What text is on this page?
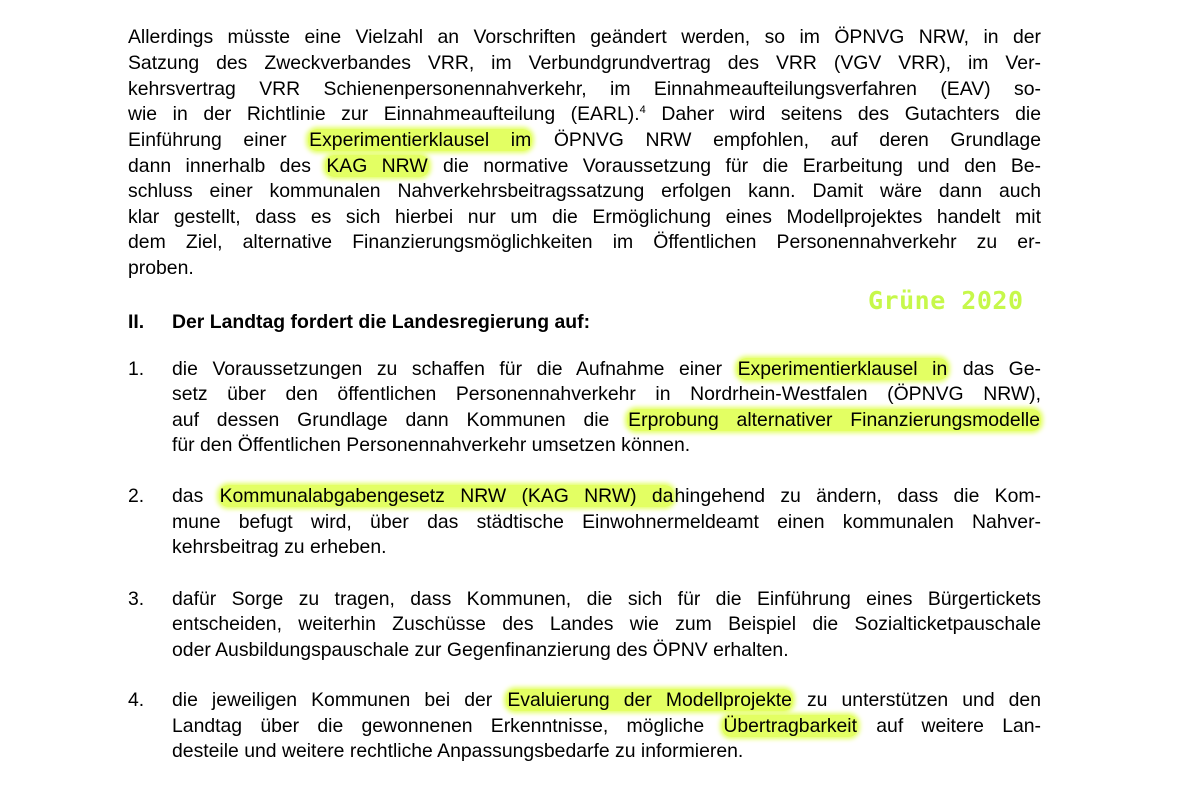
Allerdings müsste eine Vielzahl an Vorschriften geändert werden, so im ÖPNVG NRW, in der
Satzung des Zweckverbandes VRR, im Verbundgrundvertrag des VRR (VGV VRR), im Ver-
kehrsvertrag VRR Schienenpersonennahverkehr, im Einnahmeaufteilungsverfahren (EAV) so-
wie in der Richtlinie zur Einnahmeaufteilung (EARL).$^4$ Daher wird seitens des Gutachters die
Einführung einer Experimentierklausel im ÖPNVG NRW empfohlen, auf deren Grundlage
dann innerhalb des KAG NRW die normative Voraussetzung für die Erarbeitung und den Be-
schluss einer kommunalen Nahverkehrsbeitragssatzung erfolgen kann. Damit wäre dann auch
klar gestellt, dass es sich hierbei nur um die Ermöglichung eines Modellprojektes handelt mit
dem Ziel, alternative Finanzierungsmöglichkeiten im Öffentlichen Personennahverkehr zu er-
proben.
Grüne 2020
II. Der Landtag fordert die Landesregierung auf:
1. die Voraussetzungen zu schaffen für die Aufnahme einer Experimentierklausel in das Ge-
setz über den öffentlichen Personennahverkehr in Nordrhein-Westfalen (ÖPNVG NRW),
auf dessen Grundlage dann Kommunen die Erprobung alternativer Finanzierungsmodelle
für den Öffentlichen Personennahverkehr umsetzen können.
2. das Kommunalabgabengesetz NRW (KAG NRW) dahingehend zu ändern, dass die Kom-
mune befugt wird, über das städtische Einwohnermeldeamt einen kommunalen Nahver-
kehrsbeitrag zu erheben.
3. dafür Sorge zu tragen, dass Kommunen, die sich für die Einführung eines Bürgertickets
entscheiden, weiterhin Zuschüsse des Landes wie zum Beispiel die Sozialticketpauschale
oder Ausbildungspauschale zur Gegenfinanzierung des ÖPNV erhalten.
4. die jeweiligen Kommunen bei der Evaluierung der Modellprojekte zu unterstützen und den
Landtag über die gewonnenen Erkenntnisse, mögliche Übertragbarkeit auf weitere Lan-
desteile und weitere rechtliche Anpassungsbedarfe zu informieren.
